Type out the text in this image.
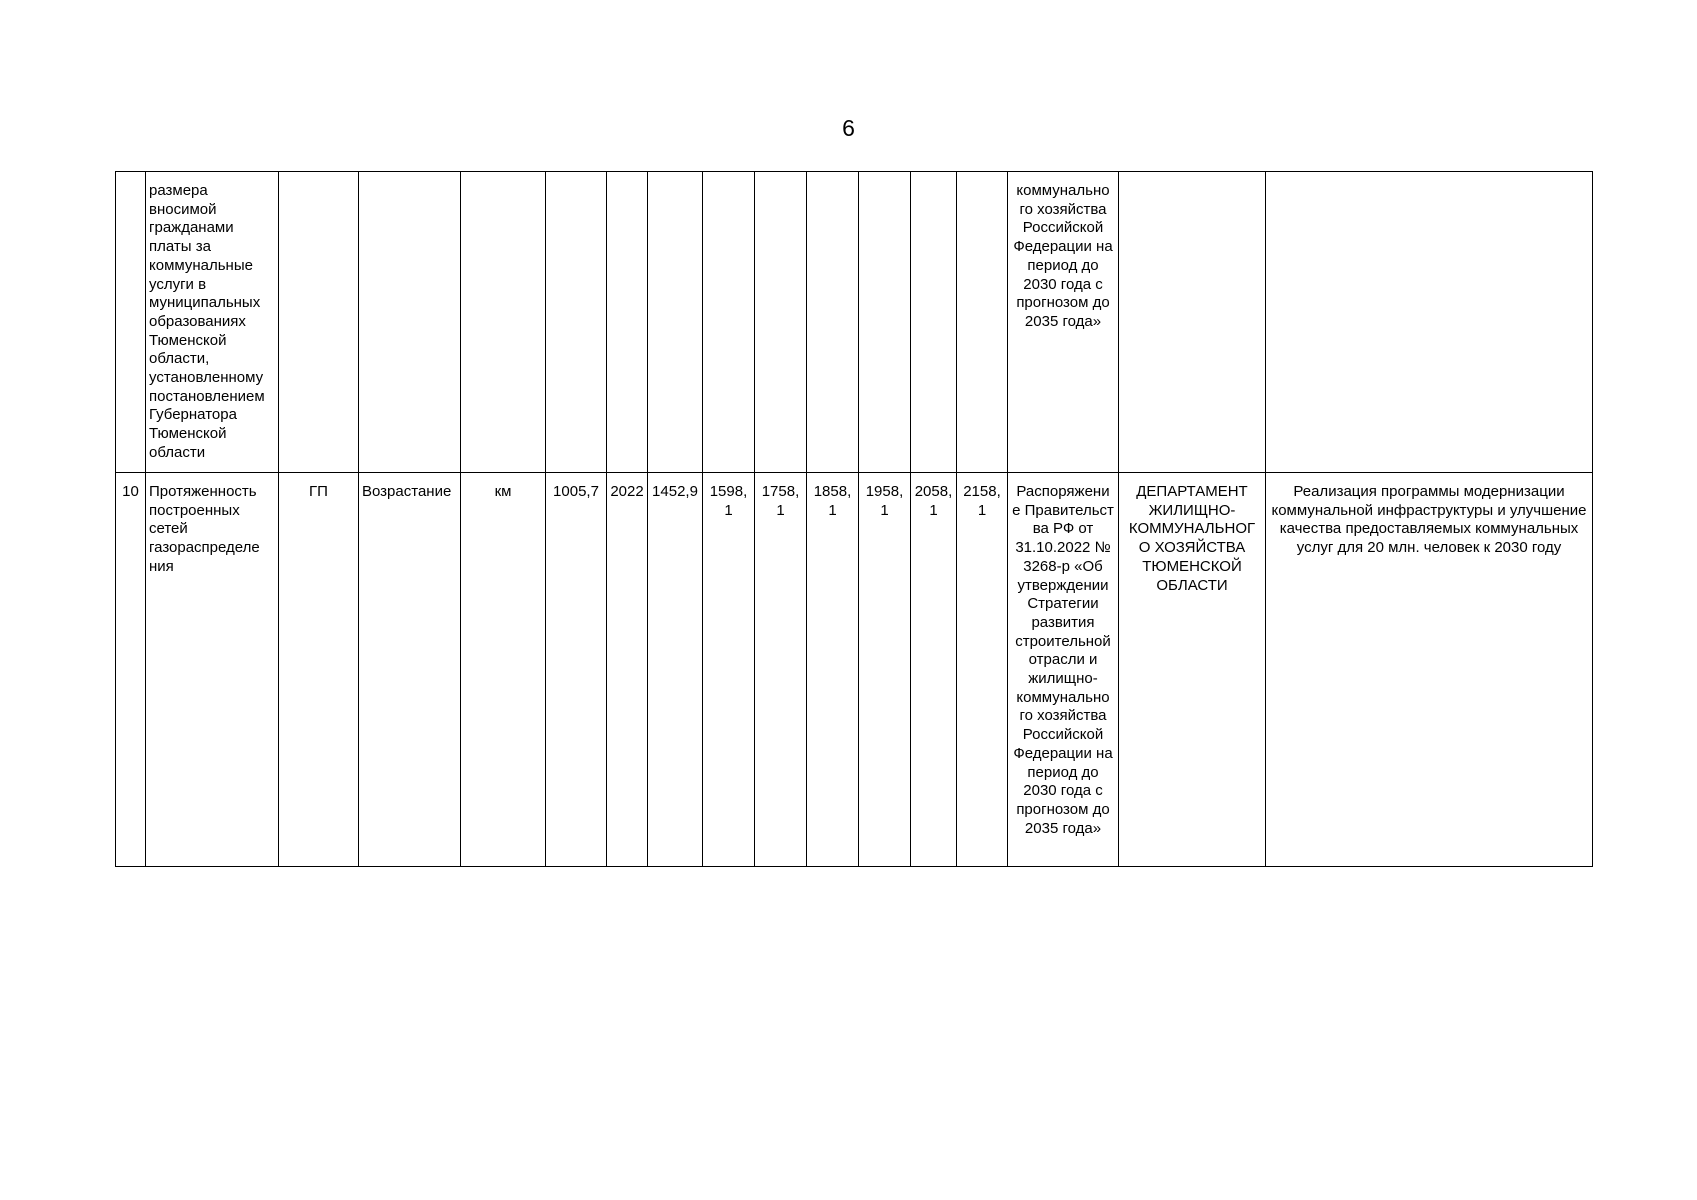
6
	размера вносимой гражданами платы за коммунальные услуги в муниципальных образованиях Тюменской области, установленному постановлением Губернатора Тюменской области													коммунально го хозяйства Российской Федерации на период до 2030 года с прогнозом до 2035 года»		
10	Протяженность построенных сетей газораспределе ния	ГП	Возрастание	км	1005,7	2022	1452,9	1598,1	1758,1	1858,1	1958,1	2058,1	2158,1	Распоряжени е Правительст ва РФ от 31.10.2022 № 3268-р «Об утверждении Стратегии развития строительной отрасли и жилищно-коммунально го хозяйства Российской Федерации на период до 2030 года с прогнозом до 2035 года»	ДЕПАРТАМЕНТ ЖИЛИЩНО-КОММУНАЛЬНОГ О ХОЗЯЙСТВА ТЮМЕНСКОЙ ОБЛАСТИ	Реализация программы модернизации коммунальной инфраструктуры и улучшение качества предоставляемых коммунальных услуг для 20 млн. человек к 2030 году
